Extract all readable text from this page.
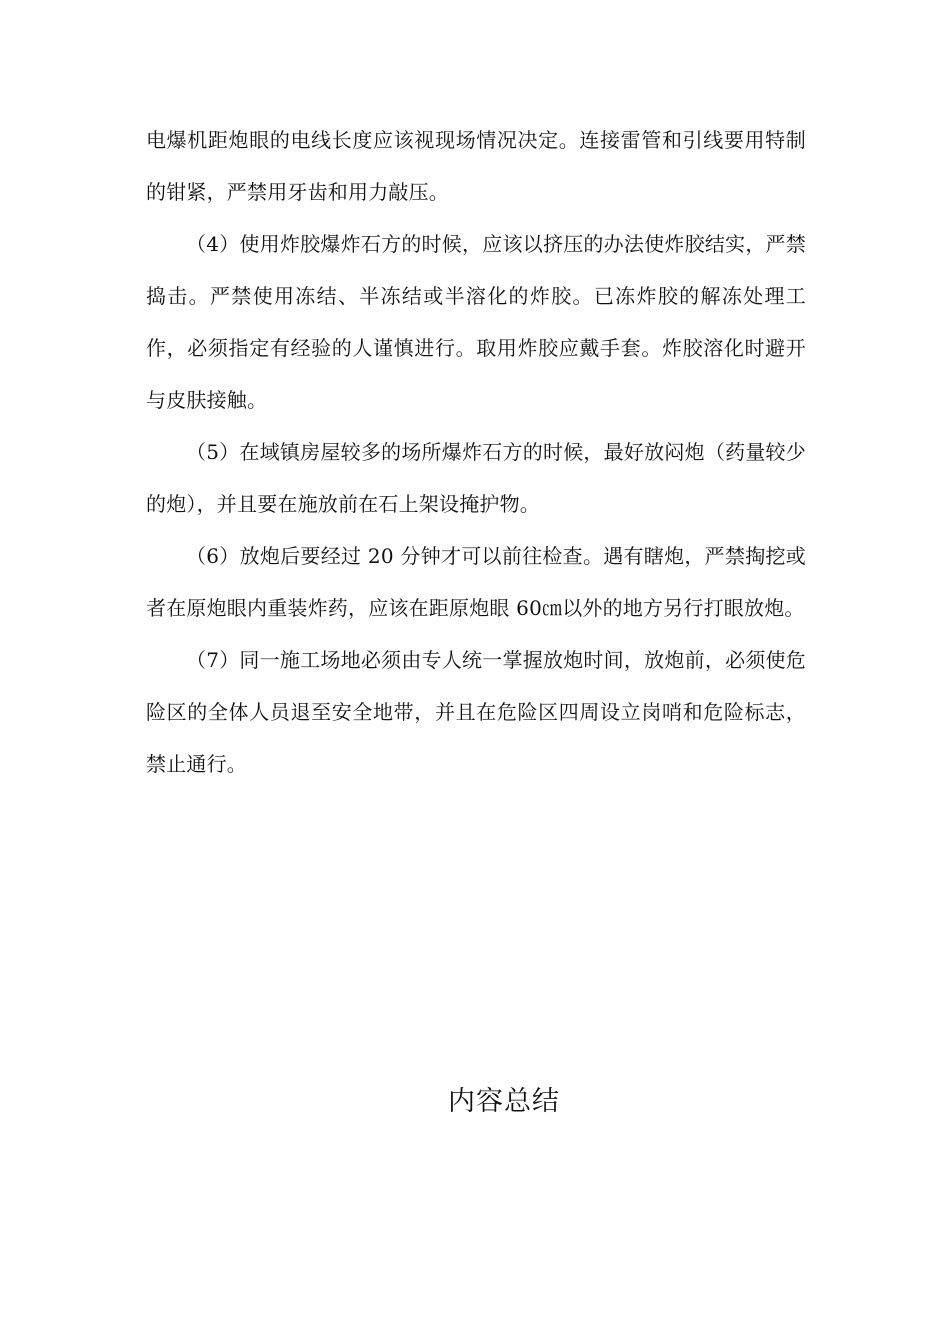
电爆机距炮眼的电线长度应该视现场情况决定。连接雷管和引线要用特制的钳紧，严禁用牙齿和用力敲压。

（4）使用炸胶爆炸石方的时候，应该以挤压的办法使炸胶结实，严禁捣击。严禁使用冻结、半冻结或半溶化的炸胶。已冻炸胶的解冻处理工作，必须指定有经验的人谨慎进行。取用炸胶应戴手套。炸胶溶化时避开与皮肤接触。

（5）在域镇房屋较多的场所爆炸石方的时候，最好放闷炮（药量较少的炮），并且要在施放前在石上架设掩护物。

（6）放炮后要经过 20 分钟才可以前往检查。遇有瞎炮，严禁掏挖或者在原炮眼内重装炸药，应该在距原炮眼 60㎝以外的地方另行打眼放炮。

（7）同一施工场地必须由专人统一掌握放炮时间，放炮前，必须使危险区的全体人员退至安全地带，并且在危险区四周设立岗哨和危险标志，禁止通行。

内容总结
